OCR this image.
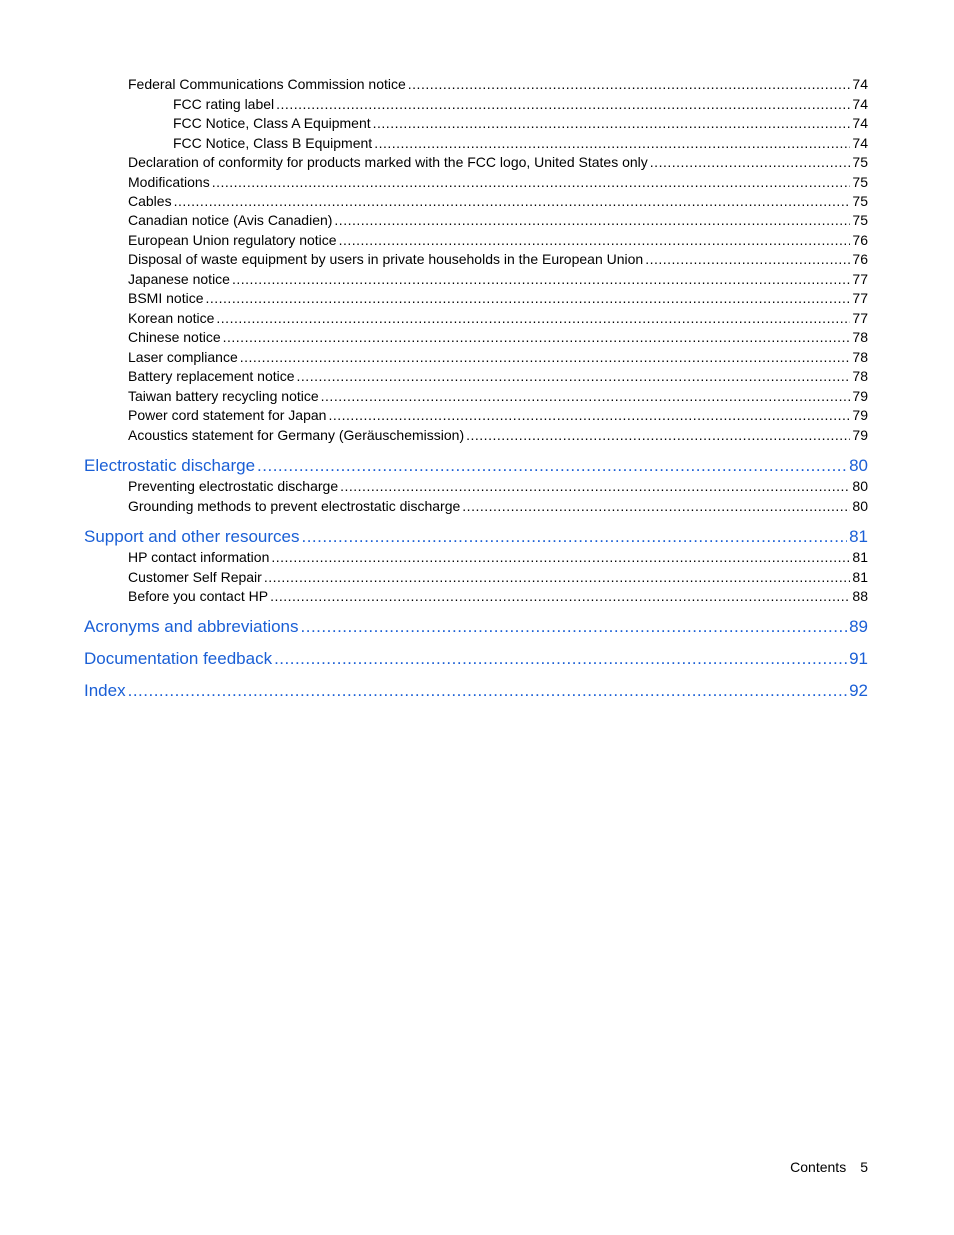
Federal Communications Commission notice .....	74
FCC rating label .....	74
FCC Notice, Class A Equipment .....	74
FCC Notice, Class B Equipment .....	74
Declaration of conformity for products marked with the FCC logo, United States only .....	75
Modifications .....	75
Cables .....	75
Canadian notice (Avis Canadien) .....	75
European Union regulatory notice .....	76
Disposal of waste equipment by users in private households in the European Union .....	76
Japanese notice .....	77
BSMI notice .....	77
Korean notice .....	77
Chinese notice .....	78
Laser compliance .....	78
Battery replacement notice .....	78
Taiwan battery recycling notice .....	79
Power cord statement for Japan .....	79
Acoustics statement for Germany (Geräuschemission) .....	79
Electrostatic discharge .....	80
Preventing electrostatic discharge .....	80
Grounding methods to prevent electrostatic discharge .....	80
Support and other resources .....	81
HP contact information .....	81
Customer Self Repair .....	81
Before you contact HP .....	88
Acronyms and abbreviations .....	89
Documentation feedback .....	91
Index .....	92
Contents 5
